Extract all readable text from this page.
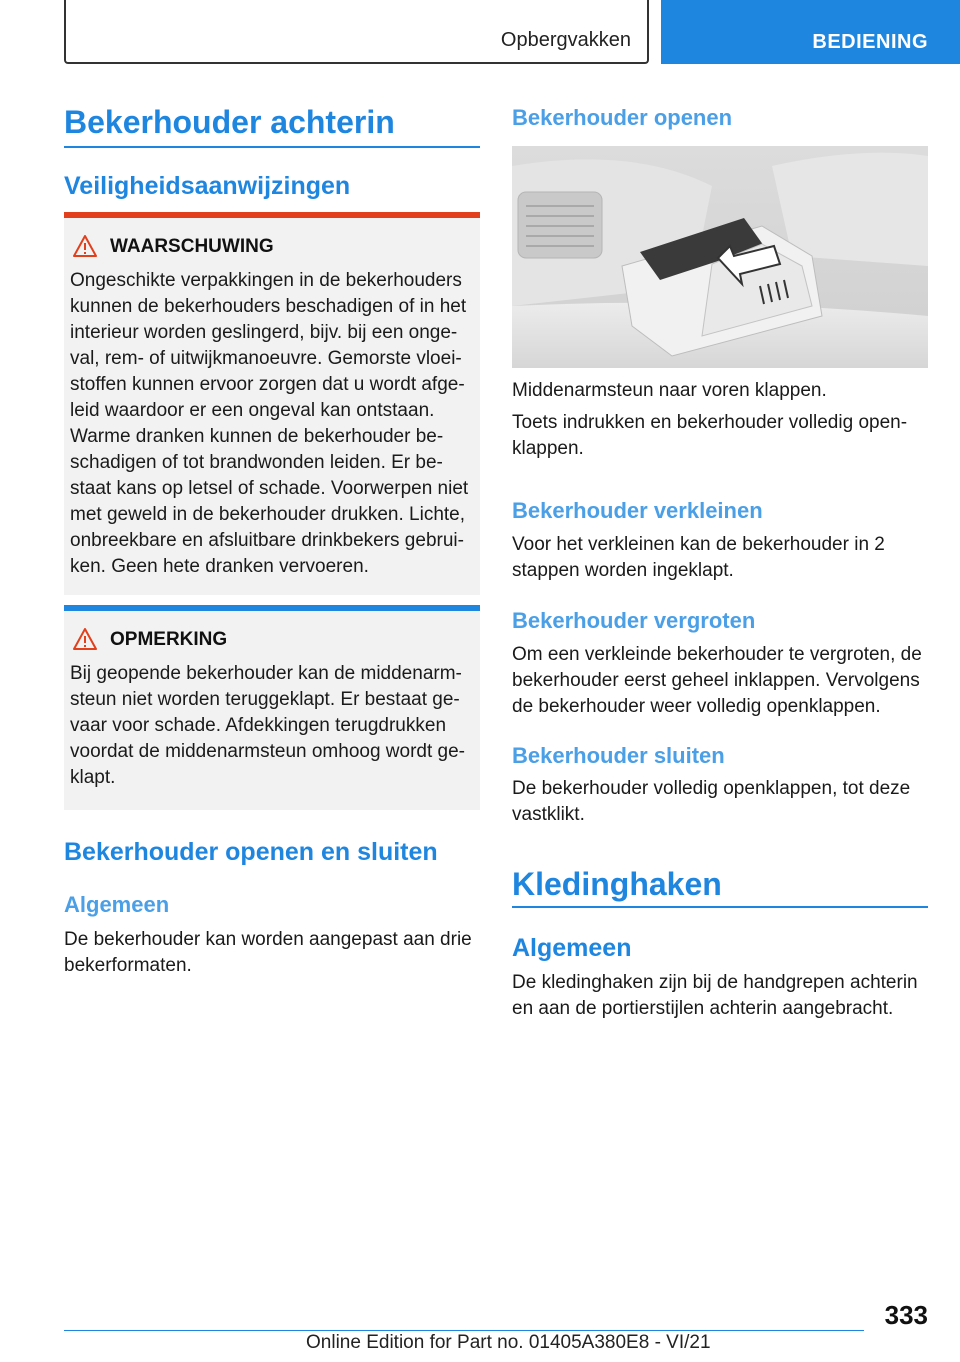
Opbergvakken	BEDIENING
Bekerhouder achterin
Veiligheidsaanwijzingen
WAARSCHUWING
Ongeschikte verpakkingen in de bekerhouders kunnen de bekerhouders beschadigen of in het interieur worden geslingerd, bijv. bij een onge‐val, rem- of uitwijkmanoeuvre. Gemorste vloei‐stoffen kunnen ervoor zorgen dat u wordt afge‐leid waardoor er een ongeval kan ontstaan. Warme dranken kunnen de bekerhouder be‐schadigen of tot brandwonden leiden. Er be‐staat kans op letsel of schade. Voorwerpen niet met geweld in de bekerhouder drukken. Lichte, onbreekbare en afsluitbare drinkbekers gebrui‐ken. Geen hete dranken vervoeren.
OPMERKING
Bij geopende bekerhouder kan de middenarm‐steun niet worden teruggeklapt. Er bestaat ge‐vaar voor schade. Afdekkingen terugdrukken voordat de middenarmsteun omhoog wordt ge‐klapt.
Bekerhouder openen en sluiten
Algemeen

De bekerhouder kan worden aangepast aan drie bekerformaten.

Bekerhouder openen

Middenarmsteun naar voren klappen.

Toets indrukken en bekerhouder volledig open‐klappen.

Bekerhouder verkleinen

Voor het verkleinen kan de bekerhouder in 2 stappen worden ingeklapt.

Bekerhouder vergroten

Om een verkleinde bekerhouder te vergroten, de bekerhouder eerst geheel inklappen. Vervolgens de bekerhouder weer volledig openklappen.

Bekerhouder sluiten

De bekerhouder volledig openklappen, tot deze vastklikt.

Kledinghaken
Algemeen

De kledinghaken zijn bij de handgrepen achterin en aan de portierstijlen achterin aangebracht.

333
Online Edition for Part no. 01405A380E8 - VI/21
